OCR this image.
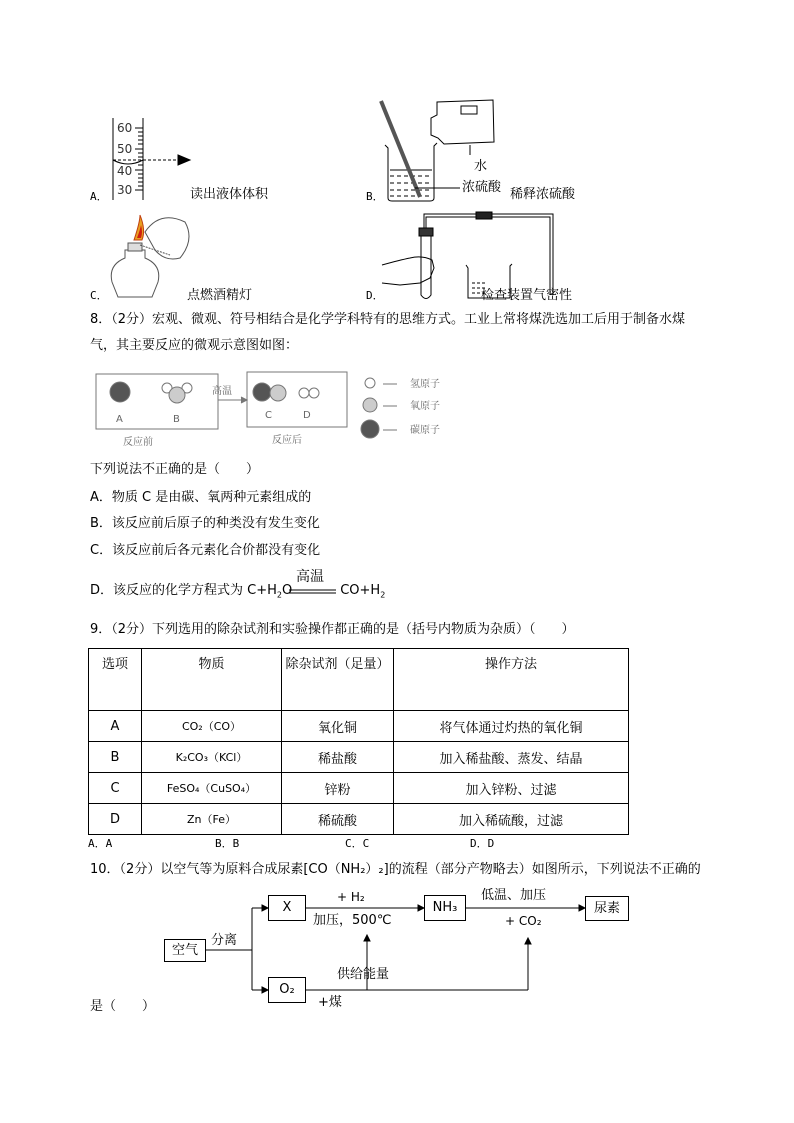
A．
60
50
40
30	读出液体体积	B．
水
浓硫酸 稀释浓硫酸
C．	点燃酒精灯	D．	检查装置气密性
8．（2分）宏观、微观、符号相结合是化学学科特有的思维方式。工业上常将煤洗选加工后用于制备水煤
气，其主要反应的微观示意图如图：
A	B	C	D
高温
反应前	反应后
氢原子
氧原子
碳原子
下列说法不正确的是（　　）
A．物质 C 是由碳、氧两种元素组成的
B．该反应前后原子的种类没有发生变化
C．该反应前后各元素化合价都没有变化
D．该反应的化学方程式为 $C+H_2O$	$CO+H_2$
高温
9．（2分）下列选用的除杂试剂和实验操作都正确的是（括号内物质为杂质）（　　）
选项	物质	除杂试剂（足量）	操作方法
A	CO₂（CO）	氧化铜	将气体通过灼热的氧化铜
B	K₂CO₃（KCl）	稀盐酸	加入稀盐酸、蒸发、结晶
C	FeSO₄（CuSO₄）	锌粉	加入锌粉、过滤
D	Zn（Fe）	稀硫酸	加入稀硫酸，过滤
A．A	B．B	C．C	D．D
10．（2分）以空气等为原料合成尿素[CO（NH₂）₂]的流程（部分产物略去）如图所示，下列说法不正确的
空气
分离
X
O₂
NH₃	尿素
+ H₂
加压，500℃
低温、加压
+ CO₂
供给能量
+煤
是（　　）
